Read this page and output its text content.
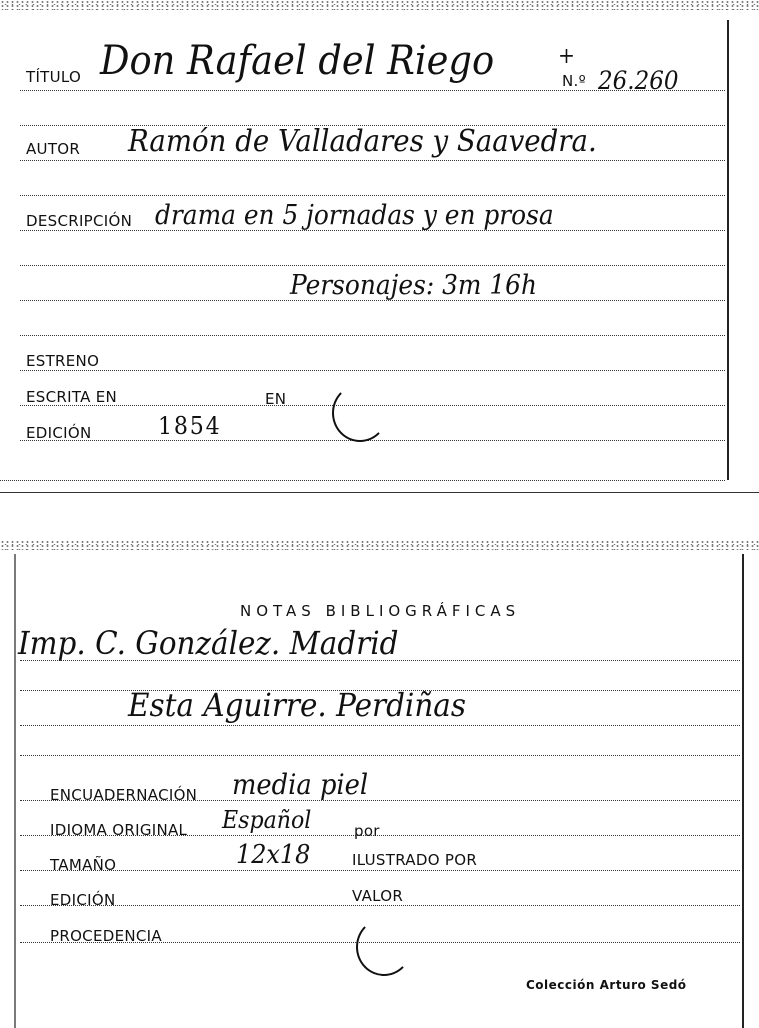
TÍTULO Don Rafael del Riego	+
N.º 26.260
AUTOR Ramón de Valladares y Saavedra.
DESCRIPCIÓN drama en 5 jornadas y en prosa
Personajes: 3m 16h
ESTRENO
ESCRITA EN	EN
EDICIÓN	1854
NOTAS BIBLIOGRÁFICAS
Imp. C. González. Madrid
Esta Aguirre. Perdiñas
ENCUADERNACIÓN media piel
IDIOMA ORIGINAL Español	por
TAMAÑO	12x18	ILUSTRADO POR
EDICIÓN	VALOR
PROCEDENCIA
Colección Arturo Sedó
